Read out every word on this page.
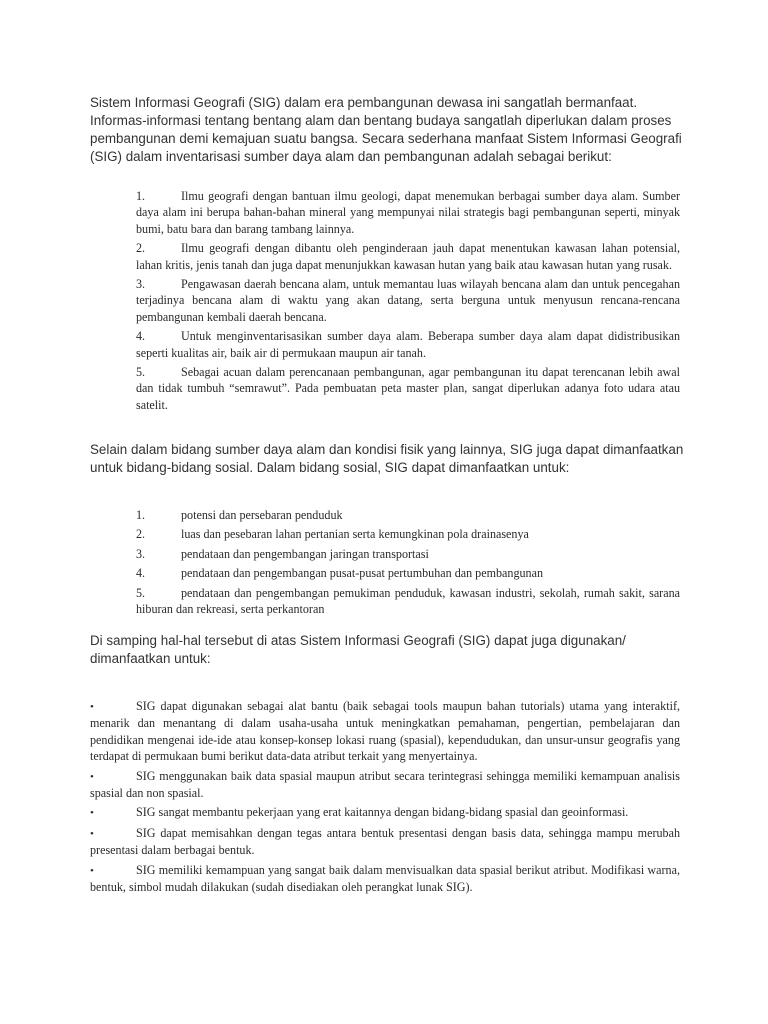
Sistem Informasi Geografi (SIG) dalam era pembangunan dewasa ini sangatlah bermanfaat. Informas-informasi tentang bentang alam dan bentang budaya sangatlah diperlukan dalam proses pembangunan demi kemajuan suatu bangsa. Secara sederhana manfaat Sistem Informasi Geografi (SIG) dalam inventarisasi sumber daya alam dan pembangunan adalah sebagai berikut:

1.	Ilmu geografi dengan bantuan ilmu geologi, dapat menemukan berbagai sumber daya alam. Sumber daya alam ini berupa bahan-bahan mineral yang mempunyai nilai strategis bagi pembangunan seperti, minyak bumi, batu bara dan barang tambang lainnya.
2.	Ilmu geografi dengan dibantu oleh penginderaan jauh dapat menentukan kawasan lahan potensial, lahan kritis, jenis tanah dan juga dapat menunjukkan kawasan hutan yang baik atau kawasan hutan yang rusak.
3.	Pengawasan daerah bencana alam, untuk memantau luas wilayah bencana alam dan untuk pencegahan terjadinya bencana alam di waktu yang akan datang, serta berguna untuk menyusun rencana-rencana pembangunan kembali daerah bencana.
4.	Untuk menginventarisasikan sumber daya alam. Beberapa sumber daya alam dapat didistribusikan seperti kualitas air, baik air di permukaan maupun air tanah.
5.	Sebagai acuan dalam perencanaan pembangunan, agar pembangunan itu dapat terencanan lebih awal dan tidak tumbuh “semrawut”. Pada pembuatan peta master plan, sangat diperlukan adanya foto udara atau satelit.

Selain dalam bidang sumber daya alam dan kondisi fisik yang lainnya, SIG juga dapat dimanfaatkan untuk bidang-bidang sosial. Dalam bidang sosial, SIG dapat dimanfaatkan untuk:

1.	potensi dan persebaran penduduk
2.	luas dan pesebaran lahan pertanian serta kemungkinan pola drainasenya
3.	pendataan dan pengembangan jaringan transportasi
4.	pendataan dan pengembangan pusat-pusat pertumbuhan dan pembangunan
5.	pendataan dan pengembangan pemukiman penduduk, kawasan industri, sekolah, rumah sakit, sarana hiburan dan rekreasi, serta perkantoran

Di samping hal-hal tersebut di atas Sistem Informasi Geografi (SIG) dapat juga digunakan/ dimanfaatkan untuk:

•	SIG dapat digunakan sebagai alat bantu (baik sebagai tools maupun bahan tutorials) utama yang interaktif, menarik dan menantang di dalam usaha-usaha untuk meningkatkan pemahaman, pengertian, pembelajaran dan pendidikan mengenai ide-ide atau konsep-konsep lokasi ruang (spasial), kependudukan, dan unsur-unsur geografis yang terdapat di permukaan bumi berikut data-data atribut terkait yang menyertainya.
•	SIG menggunakan baik data spasial maupun atribut secara terintegrasi sehingga memiliki kemampuan analisis spasial dan non spasial.
•	SIG sangat membantu pekerjaan yang erat kaitannya dengan bidang-bidang spasial dan geoinformasi.
•	SIG dapat memisahkan dengan tegas antara bentuk presentasi dengan basis data, sehingga mampu merubah presentasi dalam berbagai bentuk.
•	SIG memiliki kemampuan yang sangat baik dalam menvisualkan data spasial berikut atribut. Modifikasi warna, bentuk, simbol mudah dilakukan (sudah disediakan oleh perangkat lunak SIG).
